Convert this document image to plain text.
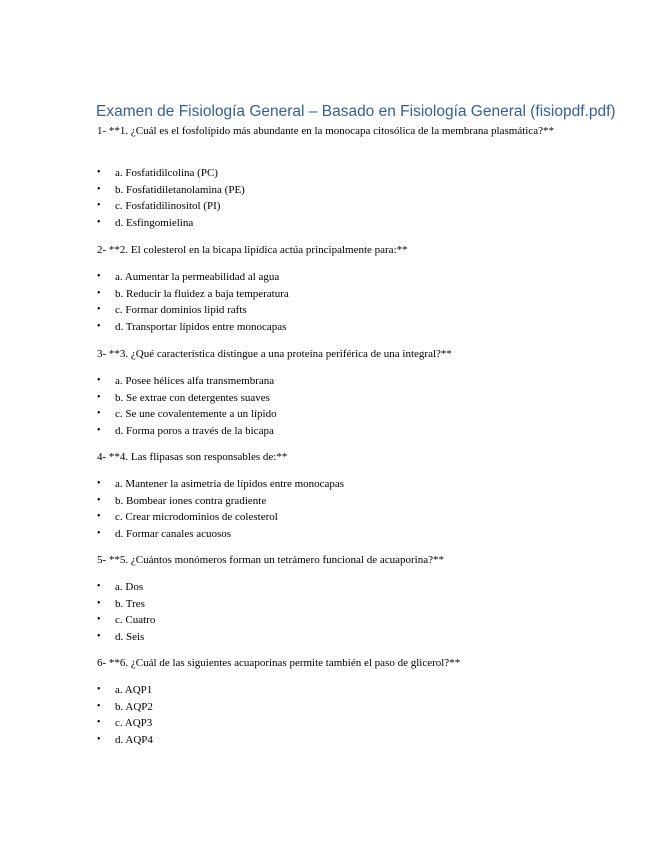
Examen de Fisiología General – Basado en Fisiología General (fisiopdf.pdf)
1- **1. ¿Cuál es el fosfolípido más abundante en la monocapa citosólica de la membrana plasmática?**
•	a. Fosfatidilcolina (PC)
•	b. Fosfatidiletanolamina (PE)
•	c. Fosfatidilinositol (PI)
•	d. Esfingomielina
2- **2. El colesterol en la bicapa lipídica actúa principalmente para:**
•	a. Aumentar la permeabilidad al agua
•	b. Reducir la fluidez a baja temperatura
•	c. Formar dominios lipid rafts
•	d. Transportar lípidos entre monocapas
3- **3. ¿Qué característica distingue a una proteína periférica de una integral?**
•	a. Posee hélices alfa transmembrana
•	b. Se extrae con detergentes suaves
•	c. Se une covalentemente a un lípido
•	d. Forma poros a través de la bicapa
4- **4. Las flipasas son responsables de:**
•	a. Mantener la asimetría de lípidos entre monocapas
•	b. Bombear iones contra gradiente
•	c. Crear microdominios de colesterol
•	d. Formar canales acuosos
5- **5. ¿Cuántos monómeros forman un tetrámero funcional de acuaporina?**
•	a. Dos
•	b. Tres
•	c. Cuatro
•	d. Seis
6- **6. ¿Cuál de las siguientes acuaporinas permite también el paso de glicerol?**
•	a. AQP1
•	b. AQP2
•	c. AQP3
•	d. AQP4
